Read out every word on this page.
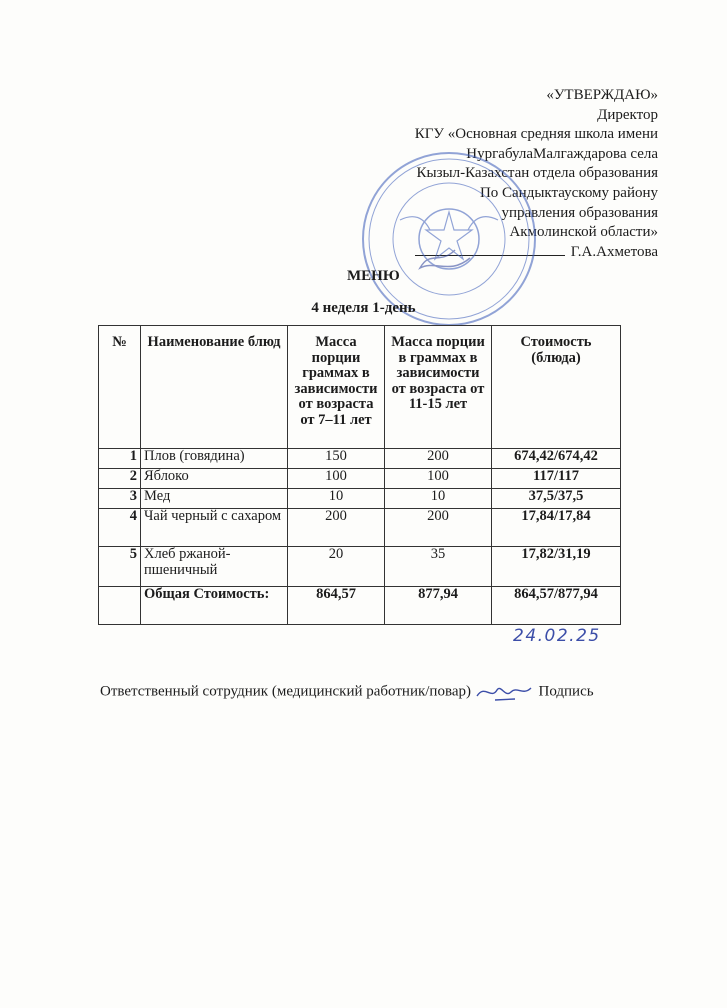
«УТВЕРЖДАЮ»
Директор
КГУ «Основная средняя школа имени
НургабулаМалгаждарова села
Кызыл-Казахстан отдела образования
По Сандыктаускому району
управления образования
Акмолинской области»
Г.А.Ахметова
МЕНЮ
4 неделя 1-день
№	Наименование блюд	Масса порции граммах в зависимости от возраста от 7–11 лет	Масса порции в граммах в зависимости от возраста от 11-15 лет	Стоимость (блюда)
1	Плов (говядина)	150	200	674,42/674,42
2	Яблоко	100	100	117/117
3	Мед	10	10	37,5/37,5
4	Чай черный с сахаром	200	200	17,84/17,84
5	Хлеб ржаной-пшеничный	20	35	17,82/31,19
	Общая Стоимость:	864,57	877,94	864,57/877,94
24.02.25
Ответственный сотрудник (медицинский работник/повар)	Подпись
